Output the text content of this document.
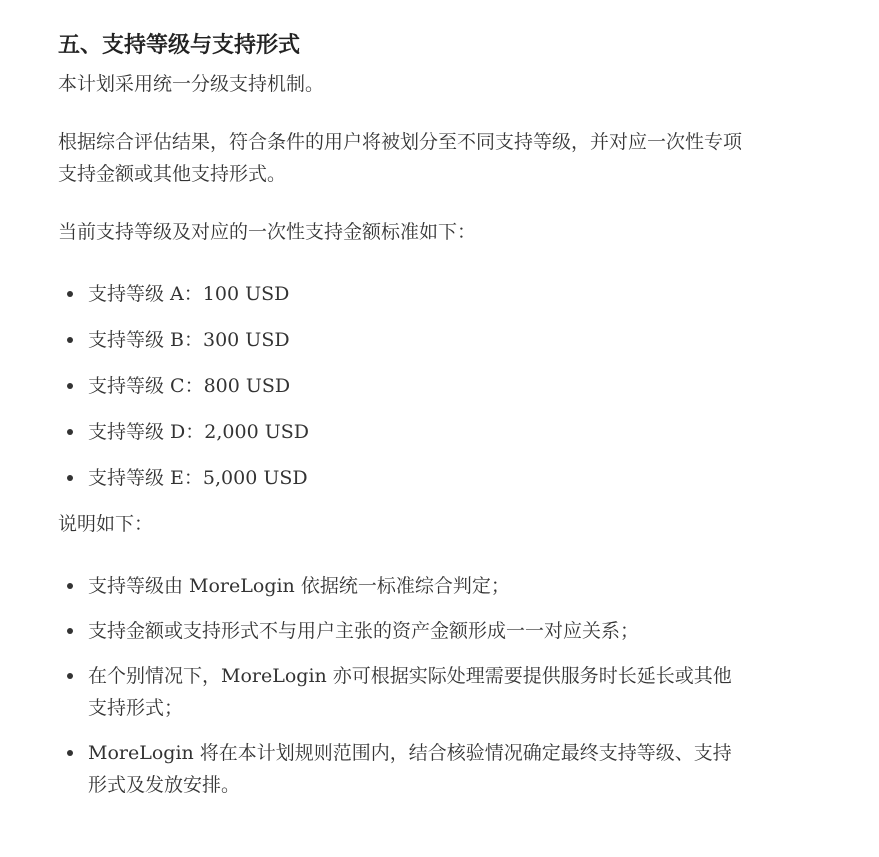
五、支持等级与支持形式

本计划采用统一分级支持机制。

根据综合评估结果，符合条件的用户将被划分至不同支持等级，并对应一次性专项支持金额或其他支持形式。

当前支持等级及对应的一次性支持金额标准如下：

支持等级 A：100 USD
支持等级 B：300 USD
支持等级 C：800 USD
支持等级 D：2,000 USD
支持等级 E：5,000 USD

说明如下：

支持等级由 MoreLogin 依据统一标准综合判定；
支持金额或支持形式不与用户主张的资产金额形成一一对应关系；
在个别情况下，MoreLogin 亦可根据实际处理需要提供服务时长延长或其他支持形式；
MoreLogin 将在本计划规则范围内，结合核验情况确定最终支持等级、支持形式及发放安排。
